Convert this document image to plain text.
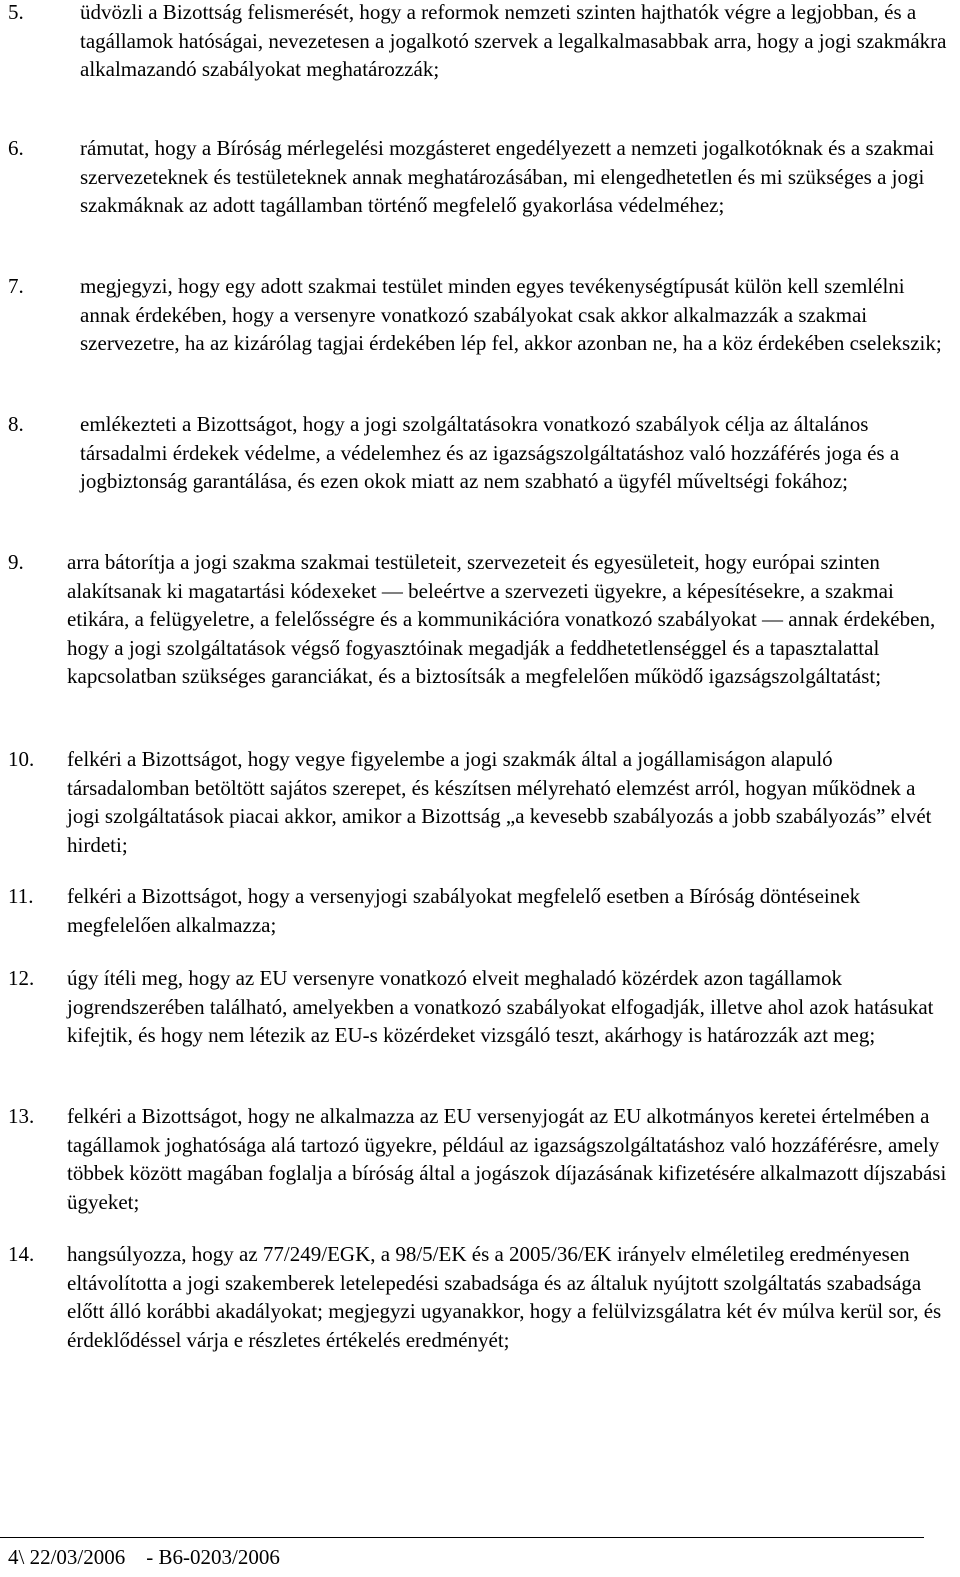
5.	üdvözli a Bizottság felismerését, hogy a reformok nemzeti szinten hajthatók végre a legjobban, és a tagállamok hatóságai, nevezetesen a jogalkotó szervek a legalkalmasabbak arra, hogy a jogi szakmákra alkalmazandó szabályokat meghatározzák;
6.	rámutat, hogy a Bíróság mérlegelési mozgásteret engedélyezett a nemzeti jogalkotóknak és a szakmai szervezeteknek és testületeknek annak meghatározásában, mi elengedhetetlen és mi szükséges a jogi szakmáknak az adott tagállamban történő megfelelő gyakorlása védelméhez;
7.	megjegyzi, hogy egy adott szakmai testület minden egyes tevékenységtípusát külön kell szemlélni annak érdekében, hogy a versenyre vonatkozó szabályokat csak akkor alkalmazzák a szakmai szervezetre, ha az kizárólag tagjai érdekében lép fel, akkor azonban ne, ha a köz érdekében cselekszik;
8.	emlékezteti a Bizottságot, hogy a jogi szolgáltatásokra vonatkozó szabályok célja az általános társadalmi érdekek védelme, a védelemhez és az igazságszolgáltatáshoz való hozzáférés joga és a jogbiztonság garantálása, és ezen okok miatt az nem szabható a ügyfél műveltségi fokához;
9. arra bátorítja a jogi szakma szakmai testületeit, szervezeteit és egyesületeit, hogy európai szinten alakítsanak ki magatartási kódexeket — beleértve a szervezeti ügyekre, a képesítésekre, a szakmai etikára, a felügyeletre, a felelősségre és a kommunikációra vonatkozó szabályokat — annak érdekében, hogy a jogi szolgáltatások végső fogyasztóinak megadják a feddhetetlenséggel és a tapasztalattal kapcsolatban szükséges garanciákat, és a biztosítsák a megfelelően működő igazságszolgáltatást;
10. felkéri a Bizottságot, hogy vegye figyelembe a jogi szakmák által a jogállamiságon alapuló társadalomban betöltött sajátos szerepet, és készítsen mélyreható elemzést arról, hogyan működnek a jogi szolgáltatások piacai akkor, amikor a Bizottság „a kevesebb szabályozás a jobb szabályozás” elvét hirdeti;
11. felkéri a Bizottságot, hogy a versenyjogi szabályokat megfelelő esetben a Bíróság döntéseinek megfelelően alkalmazza;
12. úgy ítéli meg, hogy az EU versenyre vonatkozó elveit meghaladó közérdek azon tagállamok jogrendszerében található, amelyekben a vonatkozó szabályokat elfogadják, illetve ahol azok hatásukat kifejtik, és hogy nem létezik az EU-s közérdeket vizsgáló teszt, akárhogy is határozzák azt meg;
13. felkéri a Bizottságot, hogy ne alkalmazza az EU versenyjogát az EU alkotmányos keretei értelmében a tagállamok joghatósága alá tartozó ügyekre, például az igazságszolgáltatáshoz való hozzáférésre, amely többek között magában foglalja a bíróság által a jogászok díjazásának kifizetésére alkalmazott díjszabási ügyeket;
14. hangsúlyozza, hogy az 77/249/EGK, a 98/5/EK és a 2005/36/EK irányelv elméletileg eredményesen eltávolította a jogi szakemberek letelepedési szabadsága és az általuk nyújtott szolgáltatás szabadsága előtt álló korábbi akadályokat; megjegyzi ugyanakkor, hogy a felülvizsgálatra két év múlva kerül sor, és érdeklődéssel várja e részletes értékelés eredményét;
4\ 22/03/2006    - B6-0203/2006
